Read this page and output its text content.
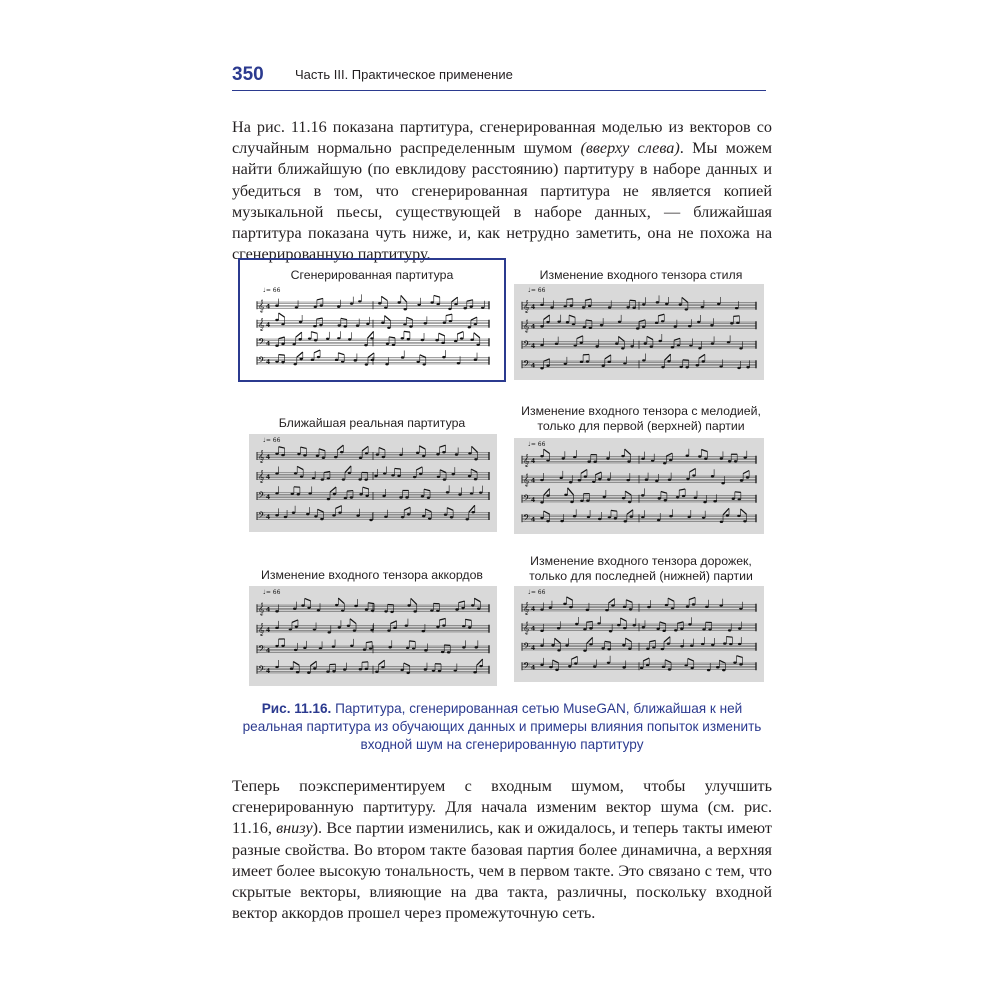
350 Часть III. Практическое применение

На рис. 11.16 показана партитура, сгенерированная моделью из векторов со случайным нормально распределенным шумом (вверху слева). Мы можем найти ближайшую (по евклидову расстоянию) партитуру в наборе данных и убедиться в том, что сгенерированная партитура не является копией музыкальной пьесы, существующей в наборе данных, — ближайшая партитура показана чуть ниже, и, как нетрудно заметить, она не похожа на сгенерированную партитуру.

Сгенерированная партитура
♩= 66
𝄞 4
𝄞 4
𝄢 4
𝄢 4
Изменение входного тензора стиля
♩= 66
𝄞 4
𝄞 4
𝄢 4
𝄢 4
Ближайшая реальная партитура
♩= 66
𝄞 4
𝄞 4
𝄢 4
𝄢 4
Изменение входного тензора с мелодией, только для первой (верхней) партии
♩= 66
𝄞 4
𝄞 4
𝄢 4
𝄢 4
Изменение входного тензора аккордов
♩= 66
𝄞 4
𝄞 4
𝄢 4
𝄢 4
Изменение входного тензора дорожек, только для последней (нижней) партии
♩= 66
𝄞 4
𝄞 4
𝄢 4
𝄢 4
Рис. 11.16. Партитура, сгенерированная сетью MuseGAN, ближайшая к ней реальная партитура из обучающих данных и примеры влияния попыток изменить входной шум на сгенерированную партитуру

Теперь поэкспериментируем с входным шумом, чтобы улучшить сгенерированную партитуру. Для начала изменим вектор шума (см. рис. 11.16, внизу). Все партии изменились, как и ожидалось, и теперь такты имеют разные свойства. Во втором такте базовая партия более динамична, а верхняя имеет более высокую тональность, чем в первом такте. Это связано с тем, что скрытые векторы, влияющие на два такта, различны, поскольку входной вектор аккордов прошел через промежуточную сеть.
